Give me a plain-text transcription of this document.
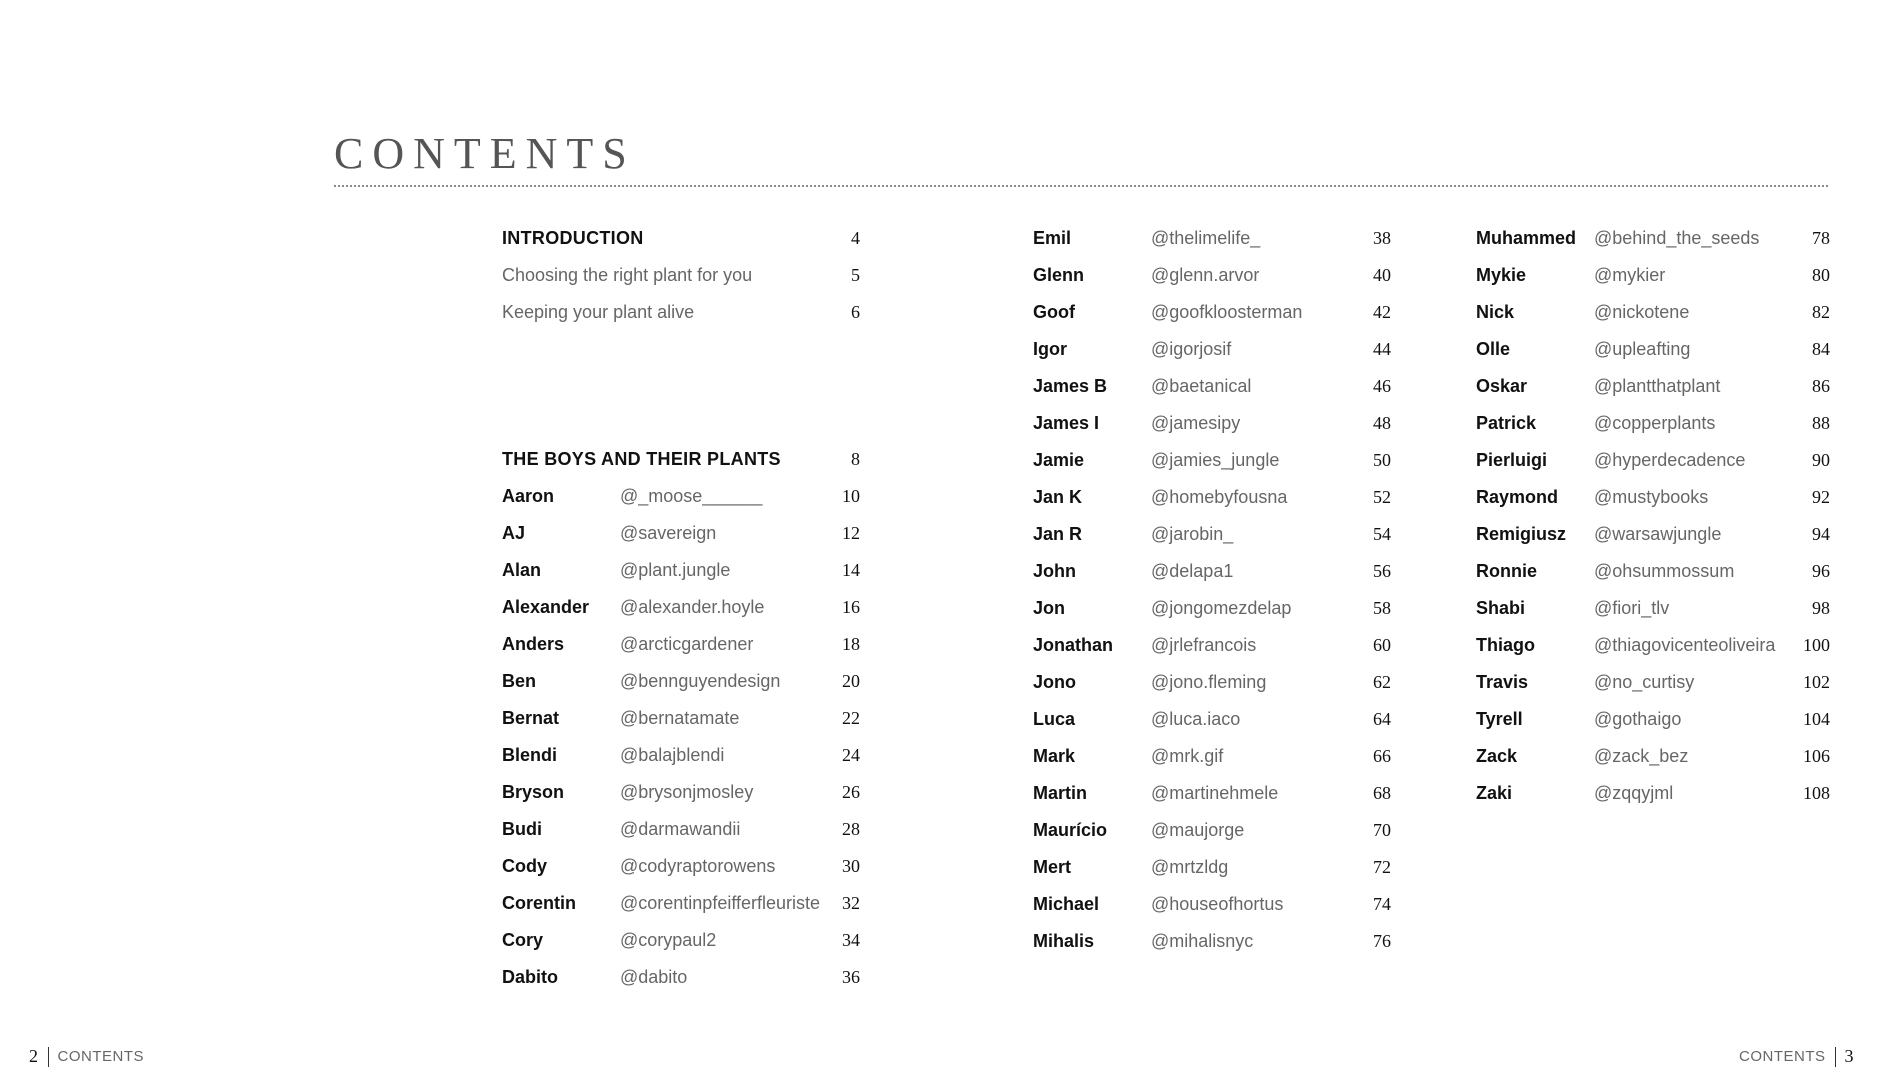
CONTENTS
INTRODUCTION	4
Choosing the right plant for you	5
Keeping your plant alive	6
THE BOYS AND THEIR PLANTS	8
Aaron	@_moose______	10
AJ	@savereign	12
Alan	@plant.jungle	14
Alexander @alexander.hoyle	16
Anders	@arcticgardener	18
Ben	@bennguyendesign	20
Bernat	@bernatamate	22
Blendi	@balajblendi	24
Bryson	@brysonjmosley	26
Budi	@darmawandii	28
Cody	@codyraptorowens	30
Corentin @corentinpfeifferfleuriste	32
Cory	@corypaul2	34
Dabito	@dabito	36
Emil	@thelimelife_	38
Glenn	@glenn.arvor	40
Goof	@goofkloosterman	42
Igor	@igorjosif	44
James B @baetanical	46
James I	@jamesipy	48
Jamie	@jamies_jungle	50
Jan K	@homebyfousna	52
Jan R	@jarobin_	54
John	@delapa1	56
Jon	@jongomezdelap	58
Jonathan @jrlefrancois	60
Jono	@jono.fleming	62
Luca	@luca.iaco	64
Mark	@mrk.gif	66
Martin	@martinehmele	68
Maurício @maujorge	70
Mert	@mrtzldg	72
Michael	@houseofhortus	74
Mihalis	@mihalisnyc	76
Muhammed @behind_the_seeds	78
Mykie	@mykier	80
Nick	@nickotene	82
Olle	@upleafting	84
Oskar	@plantthatplant	86
Patrick	@copperplants	88
Pierluigi	@hyperdecadence	90
Raymond @mustybooks	92
Remigiusz @warsawjungle	94
Ronnie	@ohsummossum	96
Shabi	@fiori_tlv	98
Thiago	@thiagovicenteoliveira	100
Travis	@no_curtisy	102
Tyrell	@gothaigo	104
Zack	@zack_bez	106
Zaki	@zqqyjml	108
2 CONTENTS	CONTENTS 3
